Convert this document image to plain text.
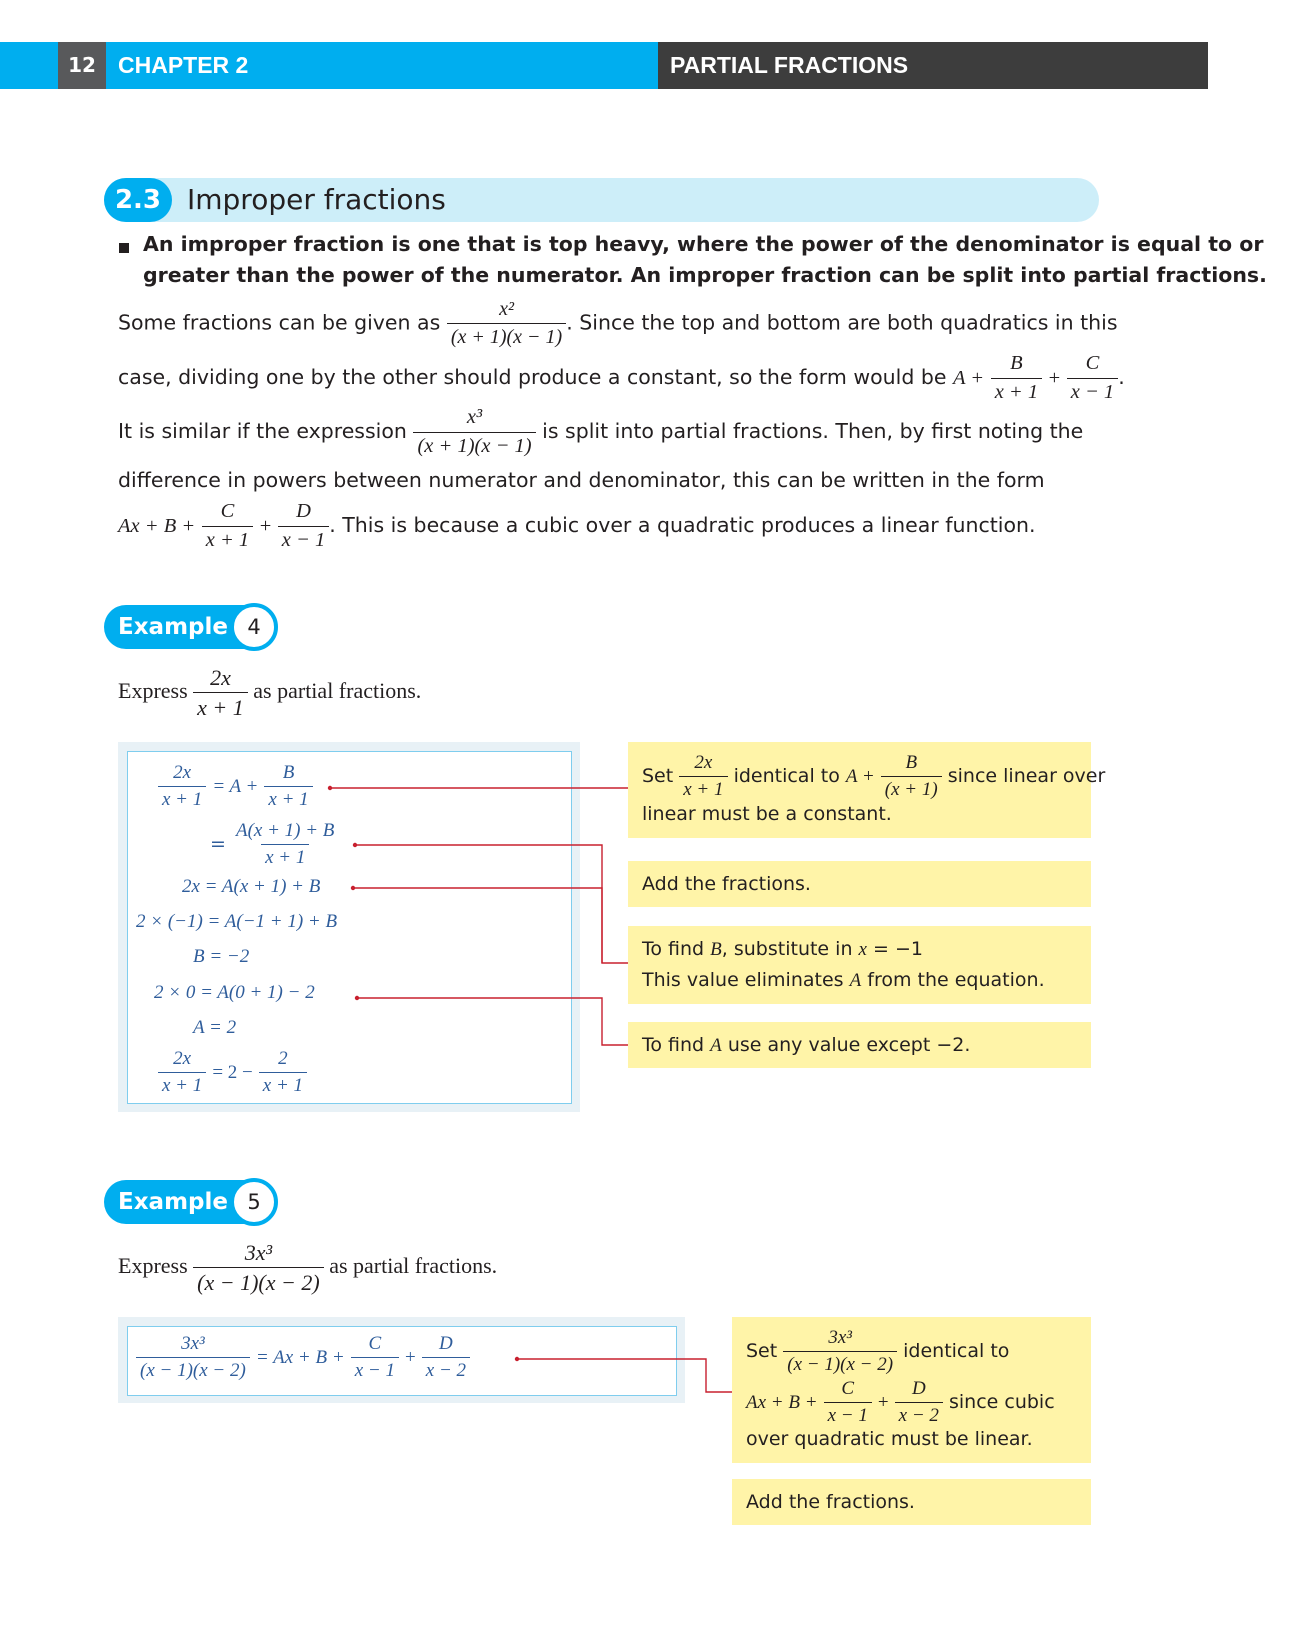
12 CHAPTER 2	PARTIAL FRACTIONS
2.3 Improper fractions
An improper fraction is one that is top heavy, where the power of the denominator is equal to or
greater than the power of the numerator. An improper fraction can be split into partial fractions.
Some fractions can be given as $\frac{\text{x²}}{(x + 1)(x - 1)}$ . Since the top and bottom are both quadratics in this
case, dividing one by the other should produce a constant, so the form would be $A + \frac{B}{x + 1} + \frac{C}{x - 1}$ .
It is similar if the expression $\frac{\text{x³}}{(x + 1)(x - 1)}$ is split into partial fractions. Then, by first noting the
difference in powers between numerator and denominator, this can be written in the form
$Ax + B + \frac{C}{x + 1} + \frac{D}{x - 1}$ . This is because a cubic over a quadratic produces a linear function.
Example 4
Express $\frac{2x}{x + 1}$ as partial fractions.
$\frac{2x}{x + 1} = A + \frac{B}{x + 1}$
= $\frac{A(x + 1) + B}{x + 1}$
2x = A(x + 1) + B
2 × (−1) = A(−1 + 1) + B
B = −2
2 × 0 = A(0 + 1) − 2
A = 2
$\frac{2x}{x + 1} = 2 - \frac{2}{x + 1}$
Set $\frac{2x}{x + 1}$ identical to $A + \frac{B}{(x + 1)}$ since linear over
linear must be a constant.
Add the fractions.
To find B, substitute in x = −1
This value eliminates A from the equation.
To find A use any value except −2.
Example 5
Express $\frac{\text{3x³}}{(x - 1)(x - 2)}$ as partial fractions.
$\frac{\text{3x³}}{(x - 1)(x - 2)} = Ax + B + \frac{C}{x - 1} + \frac{D}{x - 2}$	Set $\frac{\text{3x³}}{(x - 1)(x - 2)}$ identical to
$Ax + B + \frac{C}{x - 1} + \frac{D}{x - 2}$ since cubic
over quadratic must be linear.
Add the fractions.
